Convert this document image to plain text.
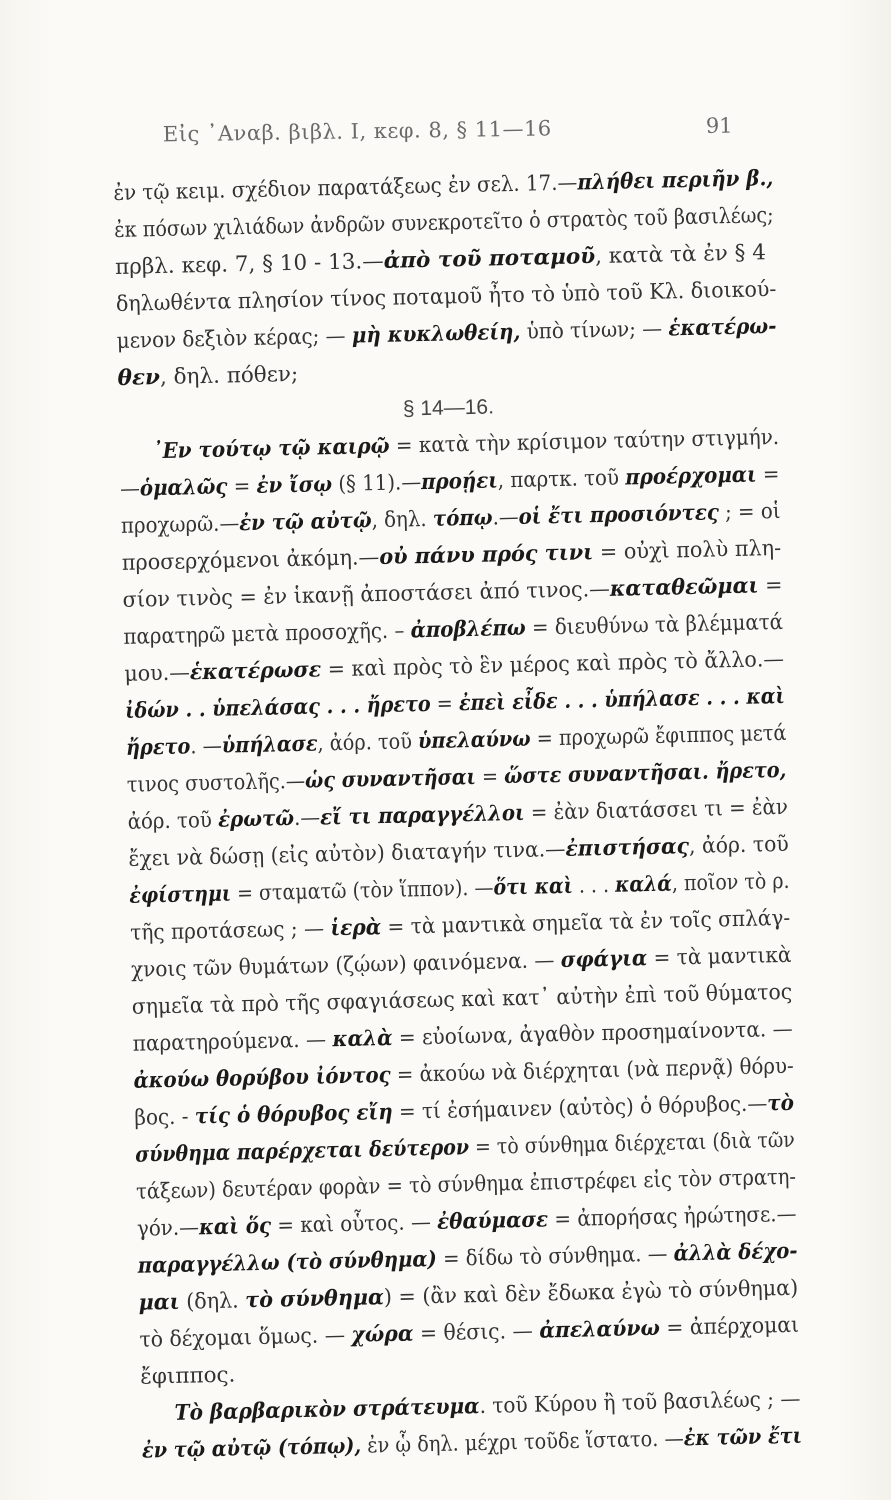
Εἰς ᾿Αναβ. βιβλ. I, κεφ. 8, § 11—16	91
ἐν τῷ κειμ. σχέδιον παρατάξεως ἐν σελ. 17.—πλήθει περιῆν β.,
ἐκ πόσων χιλιάδων ἀνδρῶν συνεκροτεῖτο ὁ στρατὸς τοῦ βασιλέως;
πρβλ. κεφ. 7, § 10 - 13.—ἀπὸ τοῦ ποταμοῦ, κατὰ τὰ ἐν § 4
δηλωθέντα πλησίον τίνος ποταμοῦ ἦτο τὸ ὑπὸ τοῦ Κλ. διοικού-
μενον δεξιὸν κέρας; — μὴ κυκλωθείη, ὑπὸ τίνων; — ἑκατέρω-
θεν, δηλ. πόθεν;
§ 14—16.
᾿Εν τούτῳ τῷ καιρῷ = κατὰ τὴν κρίσιμον ταύτην στιγμήν.
—ὁμαλῶς = ἐν ἴσῳ (§ 11).—προῄει, παρτκ. τοῦ προέρχομαι =
προχωρῶ.—ἐν τῷ αὐτῷ, δηλ. τόπῳ.—οἱ ἔτι προσιόντες ; = οἱ
προσερχόμενοι ἀκόμη.—οὐ πάνυ πρός τινι = οὐχὶ πολὺ πλη-
σίον τινὸς = ἐν ἱκανῇ ἀποστάσει ἀπό τινος.—καταθεῶμαι =
παρατηρῶ μετὰ προσοχῆς. – ἀποβλέπω = διευθύνω τὰ βλέμματά
μου.—ἑκατέρωσε = καὶ πρὸς τὸ ἓν μέρος καὶ πρὸς τὸ ἄλλο.—
ἰδών . . ὑπελάσας . . . ἤρετο = ἐπεὶ εἶδε . . . ὑπήλασε . . . καὶ
ἤρετο. —ὑπήλασε, ἀόρ. τοῦ ὑπελαύνω = προχωρῶ ἔφιππος μετά
τινος συστολῆς.—ὡς συναντῆσαι = ὥστε συναντῆσαι. ἤρετο,
ἀόρ. τοῦ ἐρωτῶ.—εἴ τι παραγγέλλοι = ἐὰν διατάσσει τι = ἐὰν
ἔχει νὰ δώσῃ (εἰς αὐτὸν) διαταγήν τινα.—ἐπιστήσας, ἀόρ. τοῦ
ἐφίστημι = σταματῶ (τὸν ἵππον). —ὅτι καὶ . . . καλά, ποῖον τὸ ρ.
τῆς προτάσεως ; — ἱερὰ = τὰ μαντικὰ σημεῖα τὰ ἐν τοῖς σπλάγ-
χνοις τῶν θυμάτων (ζῴων) φαινόμενα. — σφάγια = τὰ μαντικὰ
σημεῖα τὰ πρὸ τῆς σφαγιάσεως καὶ κατ᾿ αὐτὴν ἐπὶ τοῦ θύματος
παρατηρούμενα. — καλὰ = εὐοίωνα, ἀγαθὸν προσημαίνοντα. —
ἀκούω θορύβου ἰόντος = ἀκούω νὰ διέρχηται (νὰ περνᾷ) θόρυ-
βος. - τίς ὁ θόρυβος εἴη = τί ἐσήμαινεν (αὐτὸς) ὁ θόρυβος.—τὸ
σύνθημα παρέρχεται δεύτερον = τὸ σύνθημα διέρχεται (διὰ τῶν
τάξεων) δευτέραν φορὰν = τὸ σύνθημα ἐπιστρέφει εἰς τὸν στρατη-
γόν.—καὶ ὅς = καὶ οὗτος. — ἐθαύμασε = ἀπορήσας ἠρώτησε.—
παραγγέλλω (τὸ σύνθημα) = δίδω τὸ σύνθημα. — ἀλλὰ δέχο-
μαι (δηλ. τὸ σύνθημα) = (ἂν καὶ δὲν ἔδωκα ἐγὼ τὸ σύνθημα)
τὸ δέχομαι ὅμως. — χώρα = θέσις. — ἀπελαύνω = ἀπέρχομαι
ἔφιππος.
Τὸ βαρβαρικὸν στράτευμα. τοῦ Κύρου ἢ τοῦ βασιλέως ; —
ἐν τῷ αὐτῷ (τόπῳ), ἐν ᾧ δηλ. μέχρι τοῦδε ἵστατο. —ἐκ τῶν ἔτι
